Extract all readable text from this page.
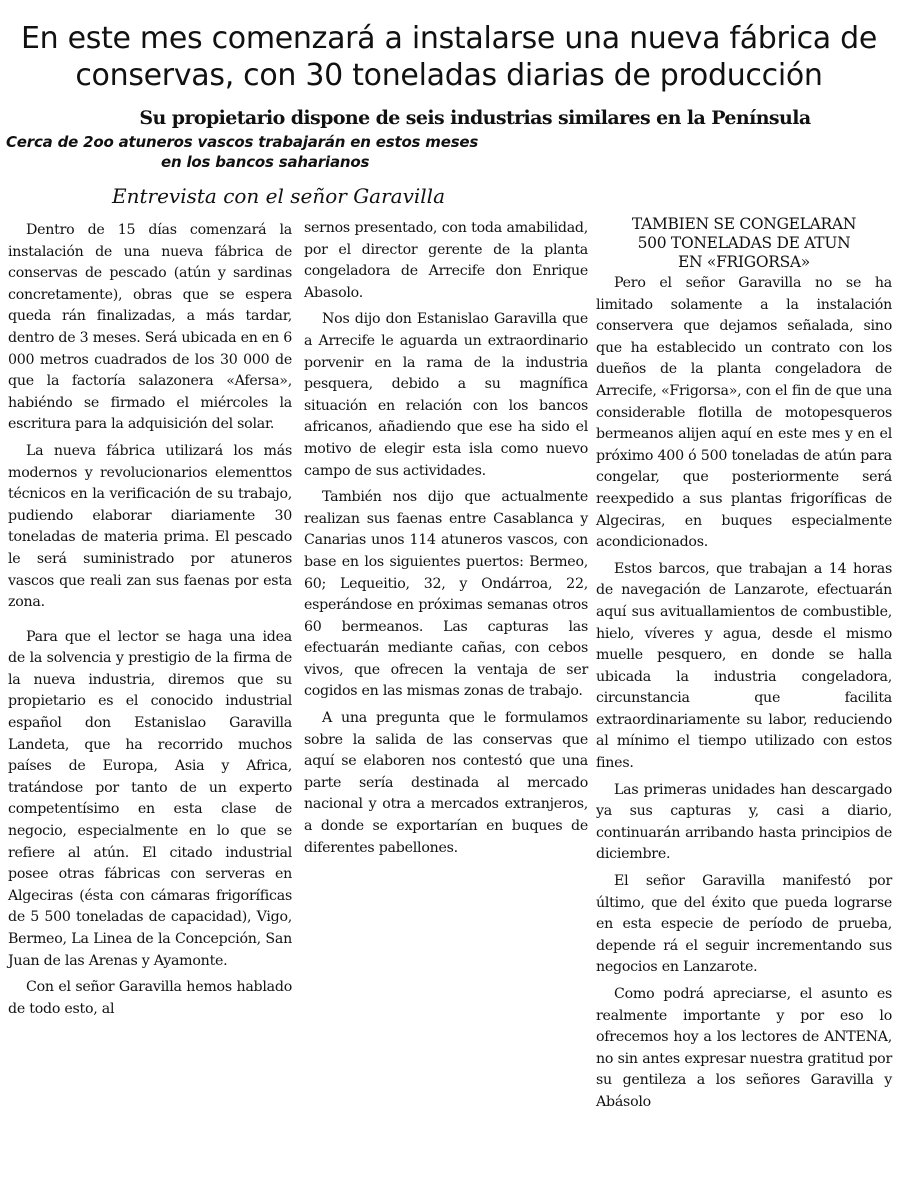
En este mes comenzará a instalarse una nueva fábrica de conservas, con 30 toneladas diarias de producción
Su propietario dispone de seis industrias similares en la Península
Cerca de 2oo atuneros vascos trabajarán en estos meses
en los bancos saharianos
Entrevista con el señor Garavilla

Dentro de 15 días comenzará la instalación de una nueva fábrica de conservas de pescado (atún y sardinas concretamente), obras que se espera queda rán finalizadas, a más tardar, dentro de 3 meses. Será ubicada en en 6 000 metros cuadrados de los 30 000 de que la factoría salazonera «Afersa», habiéndo se firmado el miércoles la escritura para la adquisición del solar.

La nueva fábrica utilizará los más modernos y revolucionarios elementtos técnicos en la verificación de su trabajo, pudiendo elaborar diariamente 30 toneladas de materia prima. El pescado le será suministrado por atuneros vascos que reali zan sus faenas por esta zona.

Para que el lector se haga una idea de la solvencia y prestigio de la firma de la nueva industria, diremos que su propietario es el conocido industrial español don Estanislao Garavilla Landeta, que ha recorrido muchos países de Europa, Asia y Africa, tratándose por tanto de un experto competentísimo en esta clase de negocio, especialmente en lo que se refiere al atún. El citado industrial posee otras fábricas con serveras en Algeciras (ésta con cámaras frigoríficas de 5 500 toneladas de capacidad), Vigo, Bermeo, La Linea de la Concepción, San Juan de las Arenas y Ayamonte.

Con el señor Garavilla hemos hablado de todo esto, al

sernos presentado, con toda amabilidad, por el director gerente de la planta congeladora de Arrecife don Enrique Abasolo.

Nos dijo don Estanislao Garavilla que a Arrecife le aguarda un extraordinario porvenir en la rama de la industria pesquera, debido a su magnífica situación en relación con los bancos africanos, añadiendo que ese ha sido el motivo de elegir esta isla como nuevo campo de sus actividades.

También nos dijo que actualmente realizan sus faenas entre Casablanca y Canarias unos 114 atuneros vascos, con base en los siguientes puertos: Bermeo, 60; Lequeitio, 32, y Ondárroa, 22, esperándose en próximas semanas otros 60 bermeanos. Las capturas las efectuarán mediante cañas, con cebos vivos, que ofrecen la ventaja de ser cogidos en las mismas zonas de trabajo.

A una pregunta que le formulamos sobre la salida de las conservas que aquí se elaboren nos contestó que una parte sería destinada al mercado nacional y otra a mercados extranjeros, a donde se exportarían en buques de diferentes pabellones.

TAMBIEN SE CONGELARAN
500 TONELADAS DE ATUN
EN «FRIGORSA»

Pero el señor Garavilla no se ha limitado solamente a la instalación conservera que dejamos señalada, sino que ha establecido un contrato con los dueños de la planta congeladora de Arrecife, «Frigorsa», con el fin de que una considerable flotilla de motopesqueros bermeanos alijen aquí en este mes y en el próximo 400 ó 500 toneladas de atún para congelar, que posteriormente será reexpedido a sus plantas frigoríficas de Algeciras, en buques especialmente acondicionados.

Estos barcos, que trabajan a 14 horas de navegación de Lanzarote, efectuarán aquí sus avituallamientos de combustible, hielo, víveres y agua, desde el mismo muelle pesquero, en donde se halla ubicada la industria congeladora, circunstancia que facilita extraordinariamente su labor, reduciendo al mínimo el tiempo utilizado con estos fines.

Las primeras unidades han descargado ya sus capturas y, casi a diario, continuarán arribando hasta principios de diciembre.

El señor Garavilla manifestó por último, que del éxito que pueda lograrse en esta especie de período de prueba, depende rá el seguir incrementando sus negocios en Lanzarote.

Como podrá apreciarse, el asunto es realmente importante y por eso lo ofrecemos hoy a los lectores de ANTENA, no sin antes expresar nuestra gratitud por su gentileza a los señores Garavilla y Abásolo
